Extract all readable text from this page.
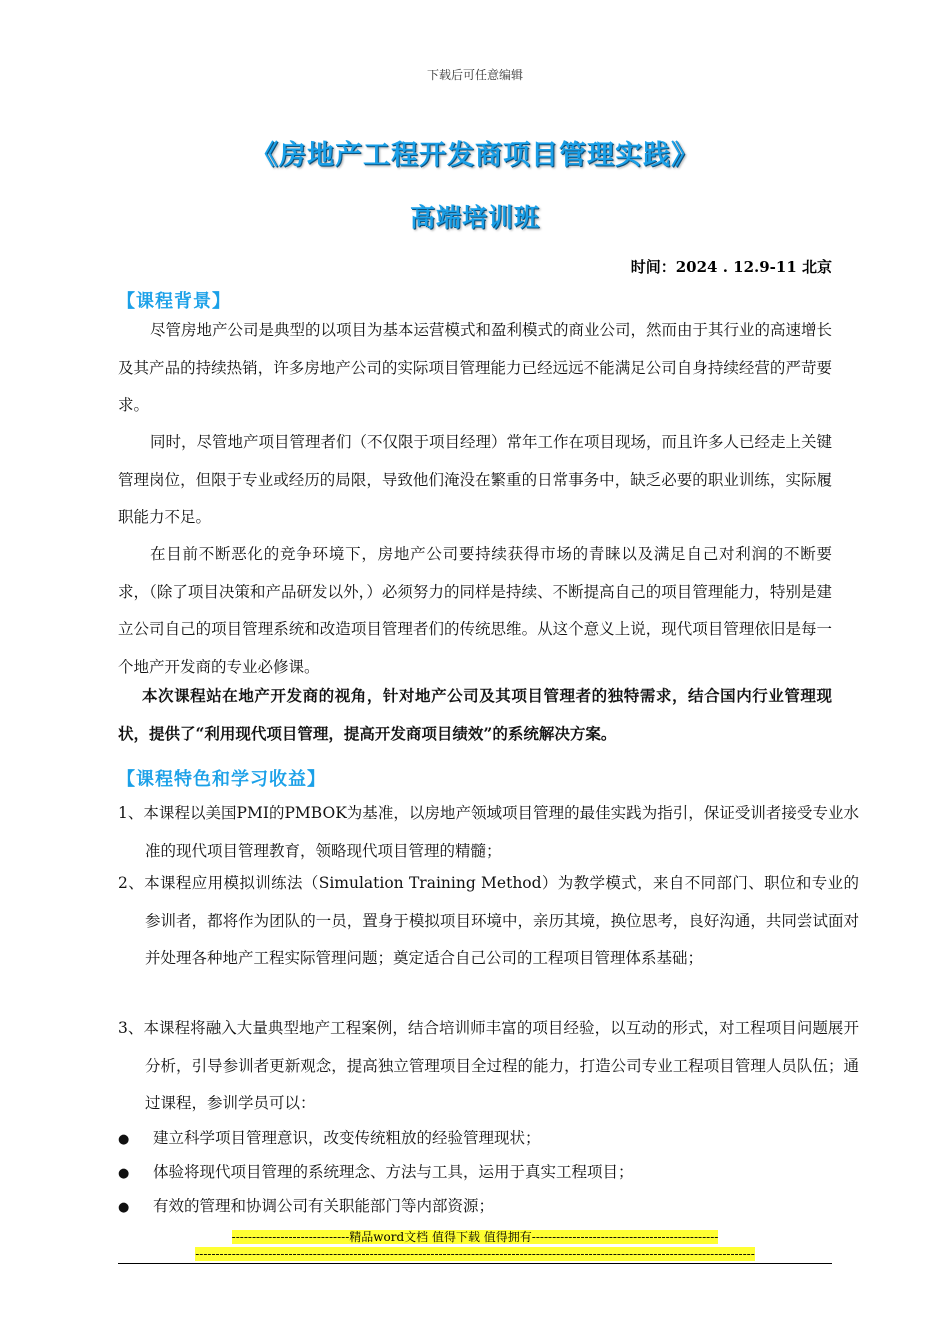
下载后可任意编辑
《房地产工程开发商项目管理实践》
高端培训班
时间：2024 . 12.9-11 北京
【课程背景】

尽管房地产公司是典型的以项目为基本运营模式和盈利模式的商业公司，然而由于其行业的高速增长及其产品的持续热销，许多房地产公司的实际项目管理能力已经远远不能满足公司自身持续经营的严苛要求。

同时，尽管地产项目管理者们（不仅限于项目经理）常年工作在项目现场，而且许多人已经走上关键管理岗位，但限于专业或经历的局限，导致他们淹没在繁重的日常事务中，缺乏必要的职业训练，实际履职能力不足。

在目前不断恶化的竞争环境下，房地产公司要持续获得市场的青睐以及满足自己对利润的不断要求，（除了项目决策和产品研发以外，）必须努力的同样是持续、不断提高自己的项目管理能力，特别是建立公司自己的项目管理系统和改造项目管理者们的传统思维。从这个意义上说，现代项目管理依旧是每一个地产开发商的专业必修课。

本次课程站在地产开发商的视角，针对地产公司及其项目管理者的独特需求，结合国内行业管理现状，提供了“利用现代项目管理，提高开发商项目绩效”的系统解决方案。

【课程特色和学习收益】

1、本课程以美国PMI的PMBOK为基准，以房地产领域项目管理的最佳实践为指引，保证受训者接受专业水准的现代项目管理教育，领略现代项目管理的精髓；

2、本课程应用模拟训练法（Simulation Training Method）为教学模式，来自不同部门、职位和专业的参训者，都将作为团队的一员，置身于模拟项目环境中，亲历其境，换位思考，良好沟通，共同尝试面对并处理各种地产工程实际管理问题；奠定适合自己公司的工程项目管理体系基础；

3、本课程将融入大量典型地产工程案例，结合培训师丰富的项目经验，以互动的形式，对工程项目问题展开分析，引导参训者更新观念，提高独立管理项目全过程的能力，打造公司专业工程项目管理人员队伍；通过课程，参训学员可以：

● 建立科学项目管理意识，改变传统粗放的经验管理现状；
● 体验将现代项目管理的系统理念、方法与工具，运用于真实工程项目；
● 有效的管理和协调公司有关职能部门等内部资源；
-----------------------------精品word文档 值得下载 值得拥有----------------------------------------------
------------------------------------------------------------------------------------------------------------------------------------------
